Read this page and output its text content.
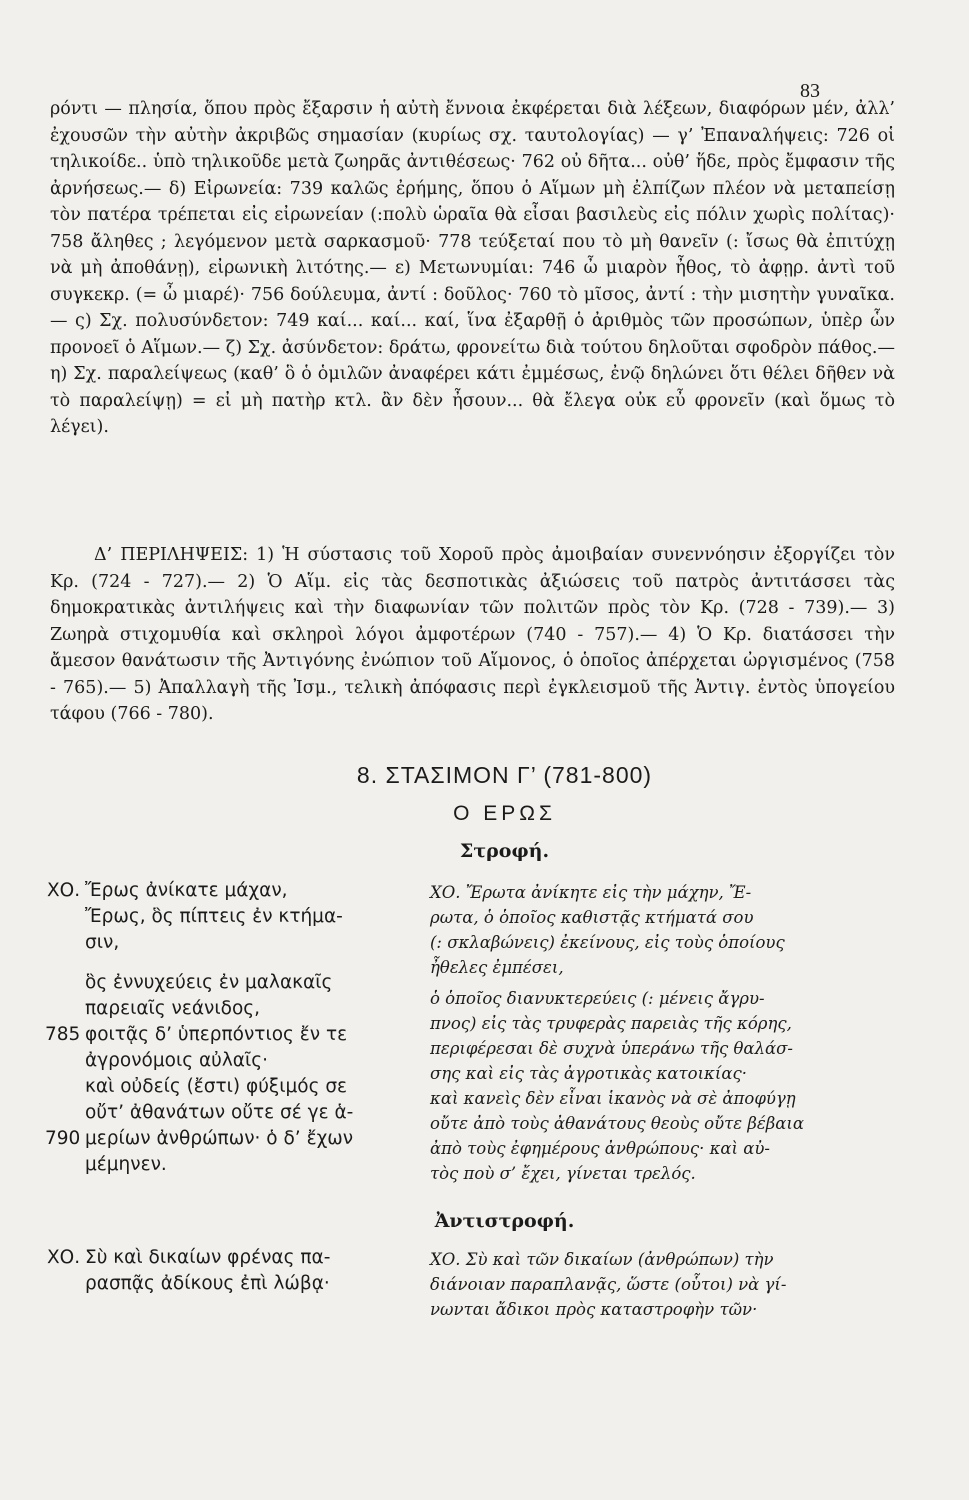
83

ρόντι — πλησία, ὅπου πρὸς ἔξαρσιν ἡ αὐτὴ ἔννοια ἐκφέρεται διὰ λέξεων, διαφόρων μέν, ἀλλ’ ἐχουσῶν τὴν αὐτὴν ἀκριβῶς σημασίαν (κυρίως σχ. ταυτολογίας) — γ’ Ἐπαναλήψεις: 726 οἱ τηλικοίδε.. ὑπὸ τηλικοῦδε μετὰ ζωηρᾶς ἀντιθέσεως· 762 οὐ δῆτα... οὐθ’ ἥδε, πρὸς ἔμφασιν τῆς ἀρνήσεως.— δ) Εἰρωνεία: 739 καλῶς ἐρήμης, ὅπου ὁ Αἵμων μὴ ἐλπίζων πλέον νὰ μεταπείσῃ τὸν πατέρα τρέπεται εἰς εἰρωνείαν (:πολὺ ὡραῖα θὰ εἶσαι βασιλεὺς εἰς πόλιν χωρὶς πολίτας)· 758 ἄληθες ; λεγόμενον μετὰ σαρκασμοῦ· 778 τεύξεταί που τὸ μὴ θανεῖν (: ἴσως θὰ ἐπιτύχῃ νὰ μὴ ἀποθάνῃ), εἰρωνικὴ λιτότης.— ε) Μετωνυμίαι: 746 ὦ μιαρὸν ἦθος, τὸ ἀφῃρ. ἀντὶ τοῦ συγκεκρ. (= ὦ μιαρέ)· 756 δούλευμα, ἀντί : δοῦλος· 760 τὸ μῖσος, ἀντί : τὴν μισητὴν γυναῖκα.— ς) Σχ. πολυσύνδετον: 749 καί... καί... καί, ἵνα ἐξαρθῇ ὁ ἀριθμὸς τῶν προσώπων, ὑπὲρ ὧν προνοεῖ ὁ Αἵμων.— ζ) Σχ. ἀσύνδετον: δράτω, φρονείτω διὰ τούτου δηλοῦται σφοδρὸν πάθος.— η) Σχ. παραλείψεως (καθ’ ὃ ὁ ὁμιλῶν ἀναφέρει κάτι ἐμμέσως, ἐνῷ δηλώνει ὅτι θέλει δῆθεν νὰ τὸ παραλείψῃ) = εἰ μὴ πατὴρ κτλ. ἂν δὲν ἦσουν... θὰ ἔλεγα οὐκ εὖ φρονεῖν (καὶ ὅμως τὸ λέγει).

Δ’ ΠΕΡΙΛΗΨΕΙΣ: 1) Ἡ σύστασις τοῦ Χοροῦ πρὸς ἀμοιβαίαν συνεννόησιν ἐξοργίζει τὸν Κρ. (724 - 727).— 2) Ὁ Αἵμ. εἰς τὰς δεσποτικὰς ἀξιώσεις τοῦ πατρὸς ἀντιτάσσει τὰς δημοκρατικὰς ἀντιλήψεις καὶ τὴν διαφωνίαν τῶν πολιτῶν πρὸς τὸν Κρ. (728 - 739).— 3) Ζωηρὰ στιχομυθία καὶ σκληροὶ λόγοι ἀμφοτέρων (740 - 757).— 4) Ὁ Κρ. διατάσσει τὴν ἄμεσον θανάτωσιν τῆς Ἀντιγόνης ἐνώπιον τοῦ Αἵμονος, ὁ ὁποῖος ἀπέρχεται ὠργισμένος (758 - 765).— 5) Ἀπαλλαγὴ τῆς Ἰσμ., τελικὴ ἀπόφασις περὶ ἐγκλεισμοῦ τῆς Ἀντιγ. ἐντὸς ὑπογείου τάφου (766 - 780).
8. ΣΤΑΣΙΜΟΝ Γ’ (781-800)
Ο ΕΡΩΣ
Στροφή.
ΧΟ. Ἔρως ἀνίκατε μάχαν,
Ἔρως, ὃς πίπτεις ἐν κτήμα-
σιν,
ὃς ἐννυχεύεις ἐν μαλακαῖς
παρειαῖς νεάνιδος,
785 φοιτᾷς δ’ ὑπερπόντιος ἔν τε
ἀγρονόμοις αὐλαῖς·
καὶ οὐδείς (ἔστι) φύξιμός σε
οὔτ’ ἀθανάτων οὔτε σέ γε ἁ-
790 μερίων ἀνθρώπων· ὁ δ’ ἔχων
μέμηνεν.
ΧΟ. Ἔρωτα ἀνίκητε εἰς τὴν μάχην, Ἔ-
ρωτα, ὁ ὁποῖος καθιστᾷς κτήματά σου
(: σκλαβώνεις) ἐκείνους, εἰς τοὺς ὁποίους
ἦθελες ἐμπέσει,
ὁ ὁποῖος διανυκτερεύεις (: μένεις ἄγρυ-
πνος) εἰς τὰς τρυφερὰς παρειὰς τῆς κόρης,
περιφέρεσαι δὲ συχνὰ ὑπεράνω τῆς θαλάσ-
σης καὶ εἰς τὰς ἀγροτικὰς κατοικίας·
καὶ κανεὶς δὲν εἶναι ἱκανὸς νὰ σὲ ἀποφύγῃ
οὔτε ἀπὸ τοὺς ἀθανάτους θεοὺς οὔτε βέβαια
ἀπὸ τοὺς ἐφημέρους ἀνθρώπους· καὶ αὐ-
τὸς ποὺ σ’ ἔχει, γίνεται τρελός.
Ἀντιστροφή.
ΧΟ. Σὺ καὶ δικαίων φρένας πα-
ρασπᾷς ἀδίκους ἐπὶ λώβᾳ·
ΧΟ. Σὺ καὶ τῶν δικαίων (ἀνθρώπων) τὴν
διάνοιαν παραπλανᾷς, ὥστε (οὗτοι) νὰ γί-
νωνται ἄδικοι πρὸς καταστροφὴν τῶν·
